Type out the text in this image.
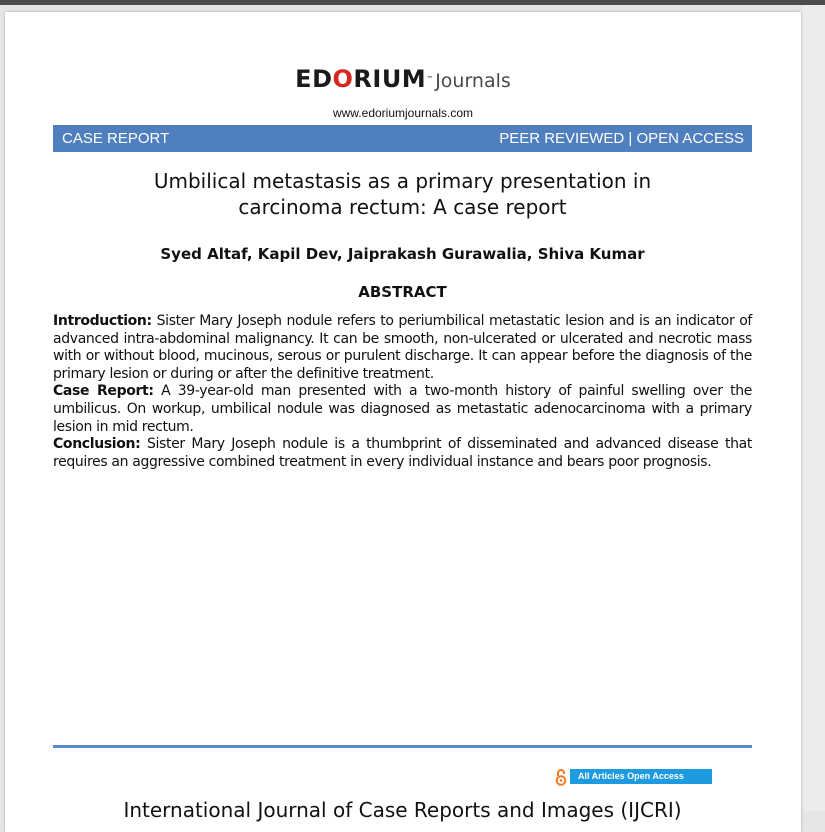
EDORIUM™ Journals
www.edoriumjournals.com
CASE REPORT	PEER REVIEWED | OPEN ACCESS
Umbilical metastasis as a primary presentation in
carcinoma rectum: A case report
Syed Altaf, Kapil Dev, Jaiprakash Gurawalia, Shiva Kumar
ABSTRACT

Introduction: Sister Mary Joseph nodule refers to periumbilical metastatic lesion and is an indicator of advanced intra-abdominal malignancy. It can be smooth, non-ulcerated or ulcerated and necrotic mass with or without blood, mucinous, serous or purulent discharge. It can appear before the diagnosis of the primary lesion or during or after the definitive treatment.

Case Report: A 39-year-old man presented with a two-month history of painful swelling over the umbilicus. On workup, umbilical nodule was diagnosed as metastatic adenocarcinoma with a primary lesion in mid rectum.

Conclusion: Sister Mary Joseph nodule is a thumbprint of disseminated and advanced disease that requires an aggressive combined treatment in every individual instance and bears poor prognosis.

All Articles Open Access
International Journal of Case Reports and Images (IJCRI)
